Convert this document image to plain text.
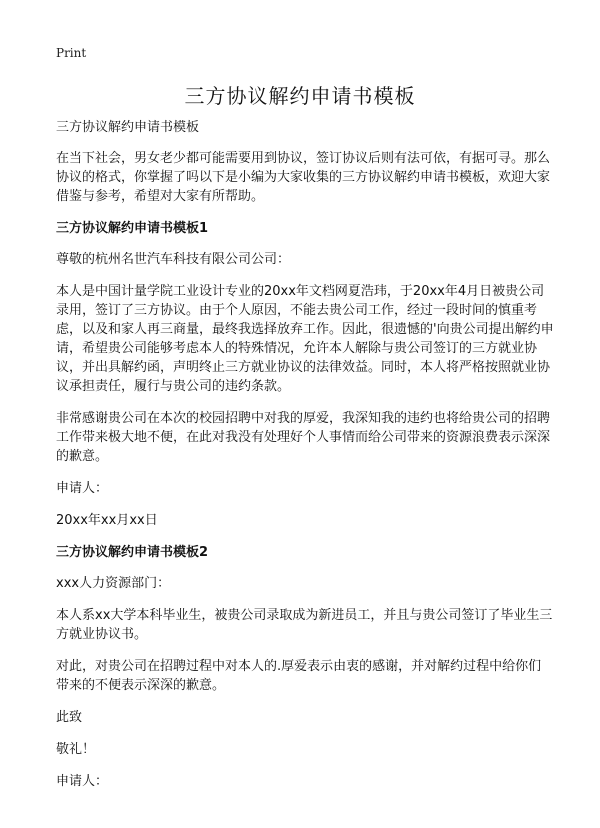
Print
三方协议解约申请书模板

三方协议解约申请书模板

在当下社会，男女老少都可能需要用到协议，签订协议后则有法可依，有据可寻。那么协议的格式，你掌握了吗以下是小编为大家收集的三方协议解约申请书模板，欢迎大家借鉴与参考，希望对大家有所帮助。

三方协议解约申请书模板1

尊敬的杭州名世汽车科技有限公司公司：

本人是中国计量学院工业设计专业的20xx年文档网夏浩玮，于20xx年4月日被贵公司录用，签订了三方协议。由于个人原因，不能去贵公司工作，经过一段时间的慎重考虑，以及和家人再三商量，最终我选择放弃工作。因此，很遗憾的'向贵公司提出解约申请，希望贵公司能够考虑本人的特殊情况，允许本人解除与贵公司签订的三方就业协议，并出具解约函，声明终止三方就业协议的法律效益。同时，本人将严格按照就业协议承担责任，履行与贵公司的违约条款。

非常感谢贵公司在本次的校园招聘中对我的厚爱，我深知我的违约也将给贵公司的招聘工作带来极大地不便，在此对我没有处理好个人事情而给公司带来的资源浪费表示深深的歉意。

申请人：

20xx年xx月xx日

三方协议解约申请书模板2

xxx人力资源部门：

本人系xx大学本科毕业生，被贵公司录取成为新进员工，并且与贵公司签订了毕业生三方就业协议书。

对此，对贵公司在招聘过程中对本人的.厚爱表示由衷的感谢，并对解约过程中给你们带来的不便表示深深的歉意。

此致

敬礼！

申请人：
